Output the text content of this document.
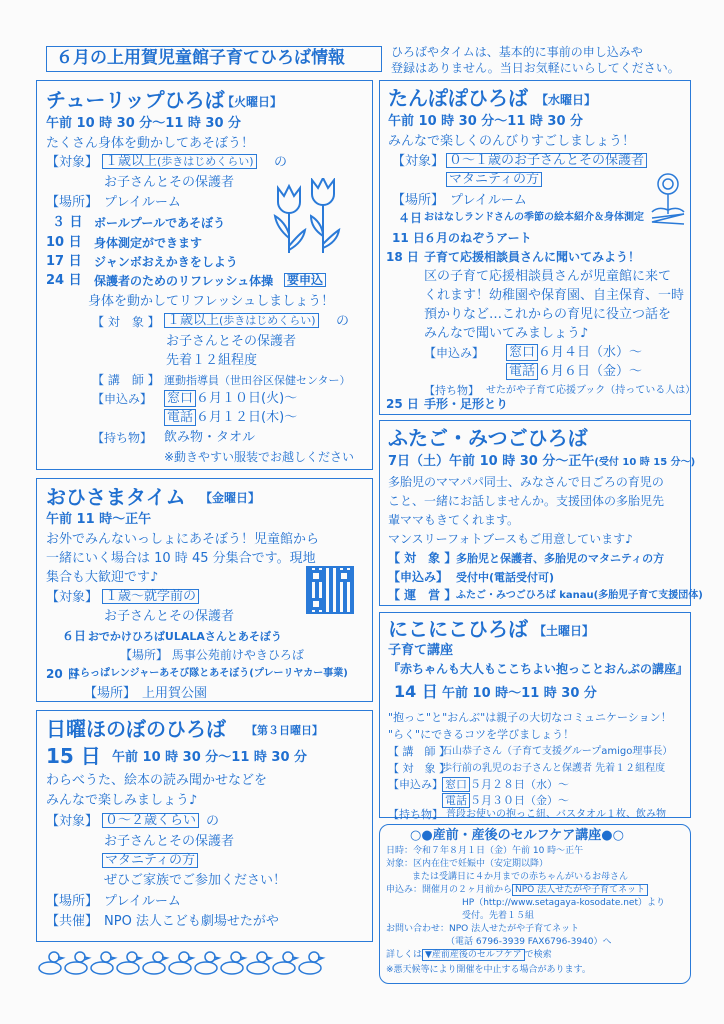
６月の上用賀児童館子育てひろば情報	ひろばやタイムは、基本的に事前の申し込みや
登録はありません。当日お気軽にいらしてください。
チューリップひろば
【火曜日】
午前 10 時 30 分～11 時 30 分
たくさん身体を動かしてあそぼう！
【対象】 １歳以上(歩きはじめくらい) の
お子さんとその保護者
【場所】 プレイルーム
３ 日 ボールプールであそぼう
10 日 身体測定ができます
17 日 ジャンボおえかきをしよう
24 日 保護者のためのリフレッシュ体操 要申込
身体を動かしてリフレッシュしましょう！
【 対　象 】 １歳以上(歩きはじめくらい) の
お子さんとその保護者
先着１２組程度
【 講　師 】 運動指導員（世田谷区保健センター）
【申込み】 窓口 ６月１０日(火)～
電話 ６月１２日(木)～
【持ち物】 飲み物・タオル
※動きやすい服装でお越しください
おひさまタイム 【金曜日】
午前 11 時～正午
お外でみんないっしょにあそぼう！児童館から
一緒にいく場合は 10 時 45 分集合です。現地
集合も大歓迎です♪
【対象】 １歳～就学前の
お子さんとその保護者
６日 おでかけひろばULALAさんとあそぼう
【場所】 馬事公苑前けやきひろば
20 日
はらっぱレンジャーあそび隊とあそぼう(プレーリヤカー事業)
【場所】 上用賀公園
日曜ほのぼのひろば 【第３日曜日】
15 日 午前 10 時 30 分～11 時 30 分
わらべうた、絵本の読み聞かせなどを
みんなで楽しみましょう♪
【対象】 ０～２歳くらい の
お子さんとその保護者
マタニティの方
ぜひご家族でご参加ください！
【場所】 プレイルーム
【共催】 NPO 法人こども劇場せたがや
たんぽぽひろば 【水曜日】
午前 10 時 30 分～11 時 30 分
みんなで楽しくのんびりすごしましょう！
【対象】 ０～１歳のお子さんとその保護者
マタニティの方
【場所】 プレイルーム
４日 おはなしランドさんの季節の絵本紹介＆身体測定
11 日 ６月のねぞうアート
18 日 子育て応援相談員さんに聞いてみよう！
区の子育て応援相談員さんが児童館に来て
くれます！幼稚園や保育園、自主保育、一時
預かりなど…これからの育児に役立つ話を
みんなで聞いてみましょう♪
【申込み】 窓口 ６月４日（水）～
電話 ６月６日（金）～
【持ち物】 せたがや子育て応援ブック（持っている人は）
25 日 手形・足形とり
ふたご・みつごひろば
7日（土）午前 10 時 30 分～正午(受付 10 時 15 分～)
多胎児のママパパ同士、みなさんで日ごろの育児の
こと、一緒にお話しませんか。支援団体の多胎児先
輩ママもきてくれます。
マンスリーフォトブースもご用意しています♪
【 対　象 】 多胎児と保護者、多胎児のマタニティの方
【申込み】 受付中(電話受付可)
【 運　営 】 ふたご・みつごひろば kanau(多胎児子育て支援団体)
にこにこひろば 【土曜日】
子育て講座
『赤ちゃんも大人もここちよい抱っことおんぶの講座』
14 日 午前 10 時～11 時 30 分
"抱っこ"と"おんぶ"は親子の大切なコミュニケーション！
"らく"にできるコツを学びましょう！
【 講　師 】
石山恭子さん（子育て支援グループamigo理事長）
【 対　象 】
歩行前の乳児のお子さんと保護者 先着１２組程度
【申込み】 窓口 ５月２８日（水）～
電話 ５月３０日（金）～
【持ち物】 普段お使いの抱っこ紐、バスタオル１枚、飲み物
○●産前・産後のセルフケア講座●○
日時：令和７年８月１日（金）午前 10 時～正午
対象：区内在住で妊娠中（安定期以降）
または受講日に４か月までの赤ちゃんがいるお母さん
申込み：開催月の２ヶ月前から NPO 法人せたがや子育てネット
HP（http://www.setagaya-kosodate.net）より
受付。先着１５組
お問い合わせ：NPO 法人せたがや子育てネット
（電話 6796-3939 FAX6796-3940）へ
詳しくは ▼産前産後のセルフケア で検索
※悪天候等により開催を中止する場合があります。
